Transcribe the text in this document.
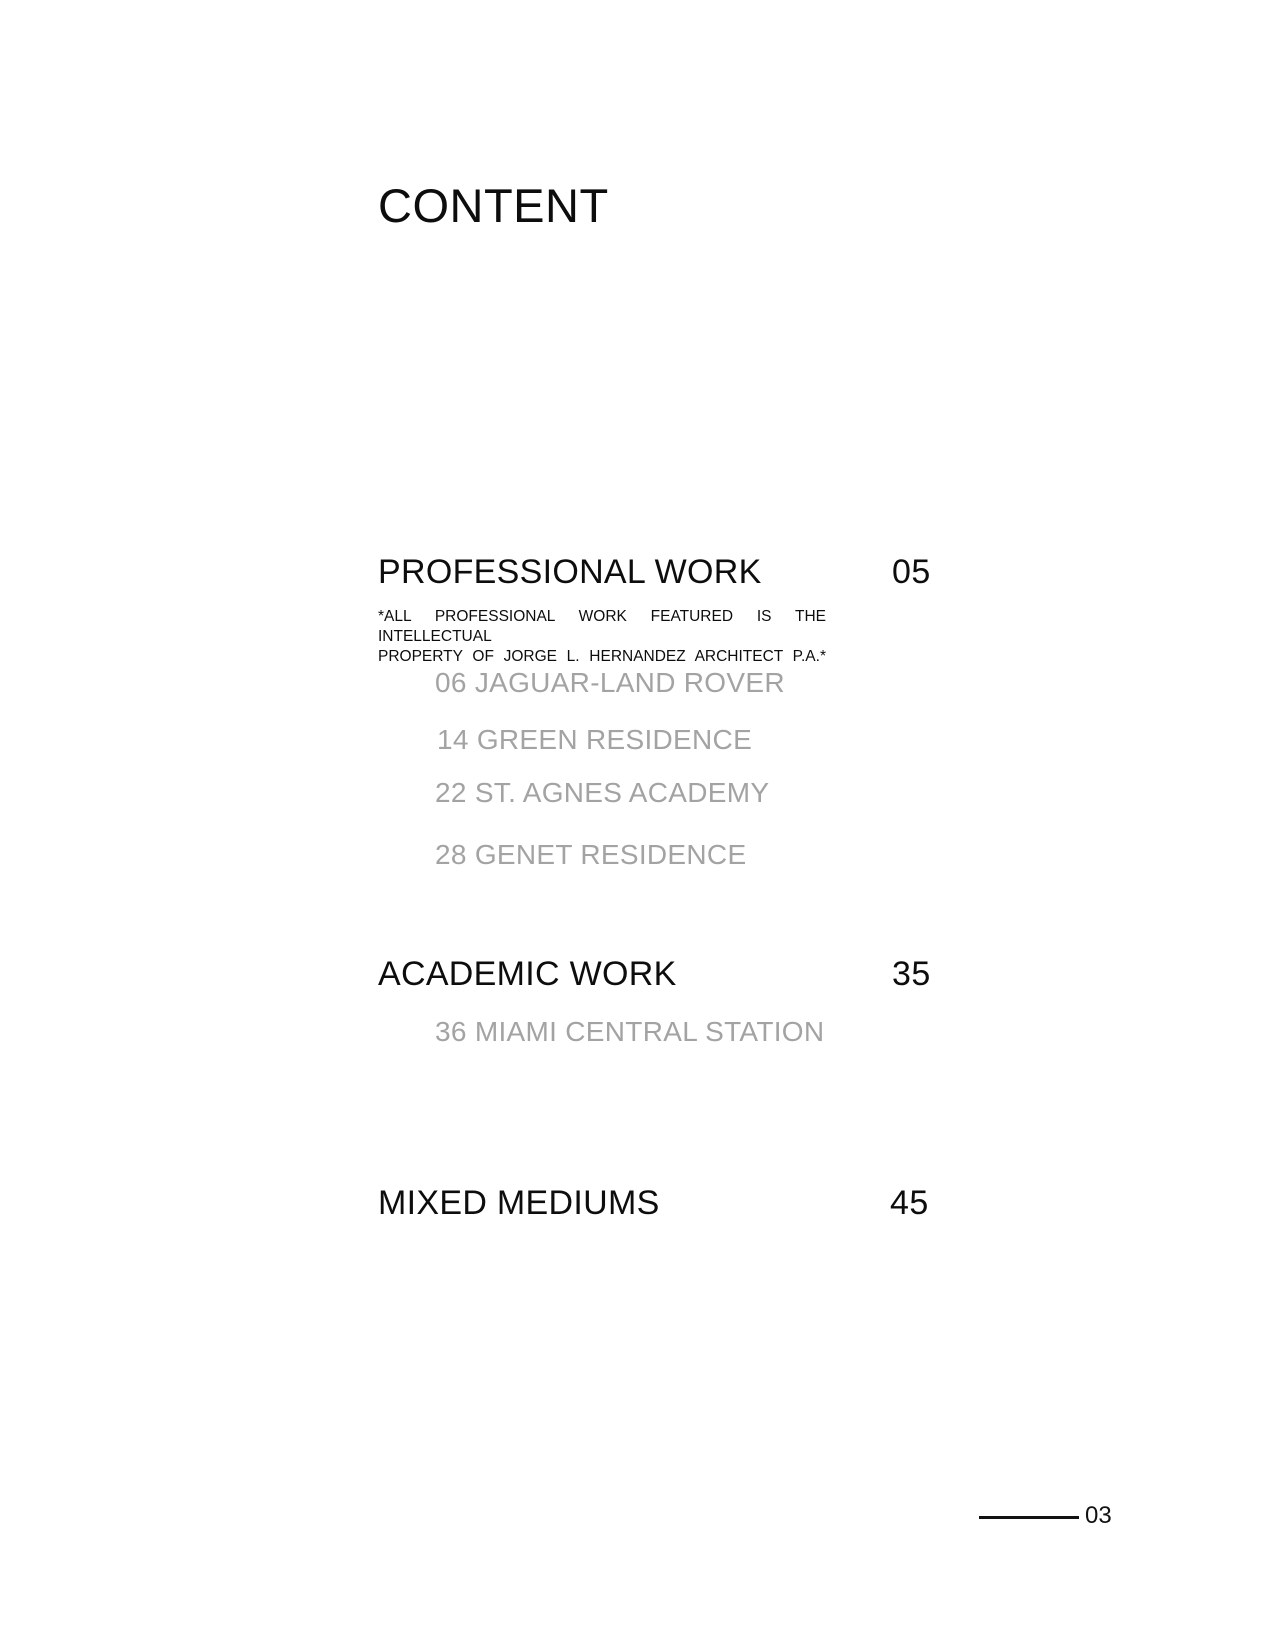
CONTENT
PROFESSIONAL WORK	05
*ALL PROFESSIONAL WORK FEATURED IS THE INTELLECTUAL
PROPERTY OF JORGE L. HERNANDEZ ARCHITECT P.A.*
06 JAGUAR-LAND ROVER
14 GREEN RESIDENCE
22 ST. AGNES ACADEMY
28 GENET RESIDENCE
ACADEMIC WORK	35
36 MIAMI CENTRAL STATION
MIXED MEDIUMS	45
03
